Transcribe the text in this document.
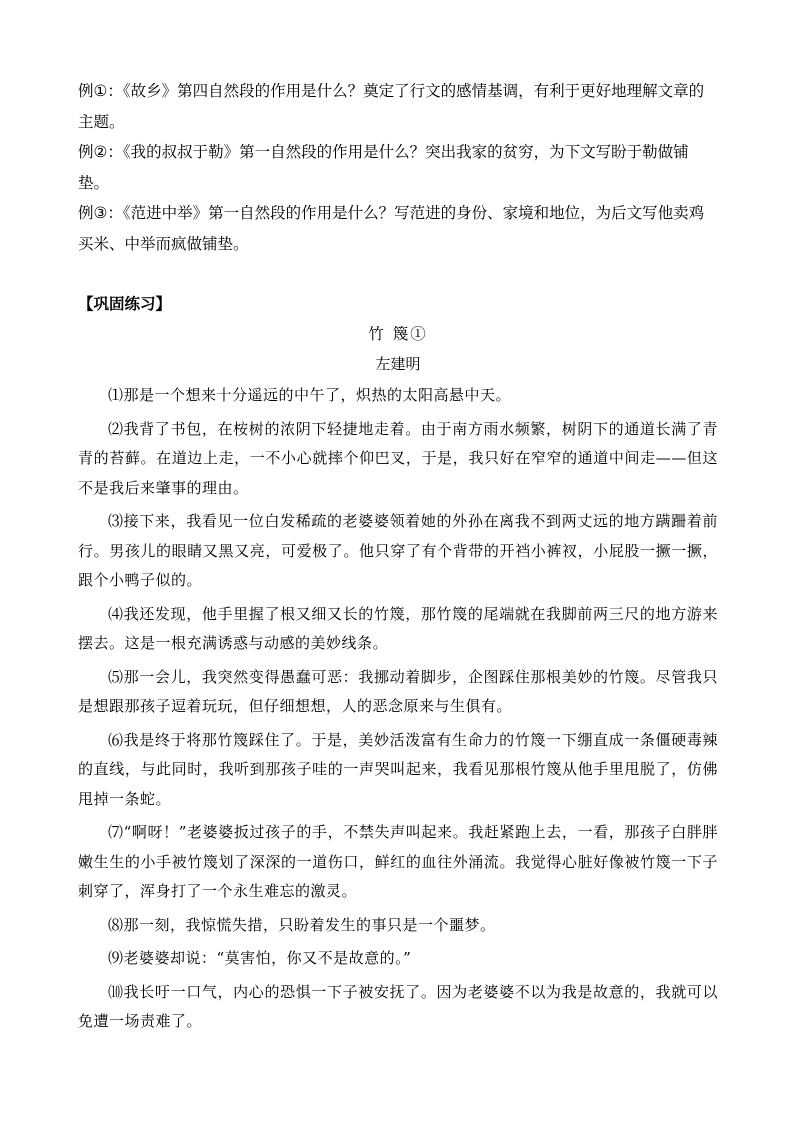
例①：《故乡》第四自然段的作用是什么？奠定了行文的感情基调，有利于更好地理解文章的主题。

例②：《我的叔叔于勒》第一自然段的作用是什么？突出我家的贫穷，为下文写盼于勒做铺垫。

例③：《范进中举》第一自然段的作用是什么？写范进的身份、家境和地位，为后文写他卖鸡买米、中举而疯做铺垫。

【巩固练习】
竹 篾①
左建明

⑴那是一个想来十分遥远的中午了，炽热的太阳高悬中天。

⑵我背了书包，在桉树的浓阴下轻捷地走着。由于南方雨水频繁，树阴下的通道长满了青青的苔藓。在道边上走，一不小心就摔个仰巴叉，于是，我只好在窄窄的通道中间走——但这不是我后来肇事的理由。

⑶接下来，我看见一位白发稀疏的老婆婆领着她的外孙在离我不到两丈远的地方蹒跚着前行。男孩儿的眼睛又黑又亮，可爱极了。他只穿了有个背带的开裆小裤衩，小屁股一撅一撅，跟个小鸭子似的。

⑷我还发现，他手里握了根又细又长的竹篾，那竹篾的尾端就在我脚前两三尺的地方游来摆去。这是一根充满诱惑与动感的美妙线条。

⑸那一会儿，我突然变得愚蠢可恶：我挪动着脚步，企图踩住那根美妙的竹篾。尽管我只是想跟那孩子逗着玩玩，但仔细想想，人的恶念原来与生俱有。

⑹我是终于将那竹篾踩住了。于是，美妙活泼富有生命力的竹篾一下绷直成一条僵硬毒辣的直线，与此同时，我听到那孩子哇的一声哭叫起来，我看见那根竹篾从他手里甩脱了，仿佛甩掉一条蛇。

⑺“啊呀！”老婆婆扳过孩子的手，不禁失声叫起来。我赶紧跑上去，一看，那孩子白胖胖嫩生生的小手被竹篾划了深深的一道伤口，鲜红的血往外涌流。我觉得心脏好像被竹篾一下子刺穿了，浑身打了一个永生难忘的激灵。

⑻那一刻，我惊慌失措，只盼着发生的事只是一个噩梦。

⑼老婆婆却说：“莫害怕，你又不是故意的。”

⑽我长吁一口气，内心的恐惧一下子被安抚了。因为老婆婆不以为我是故意的，我就可以免遭一场责难了。
